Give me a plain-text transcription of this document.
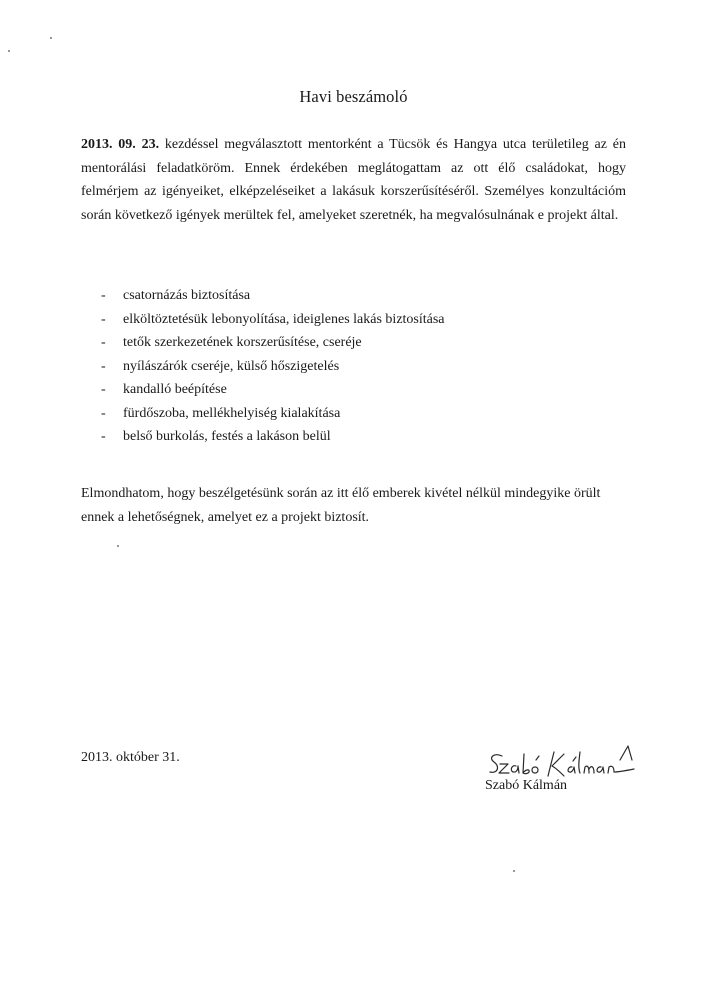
Havi beszámoló

2013. 09. 23. kezdéssel megválasztott mentorként a Tücsök és Hangya utca területileg az én mentorálási feladatköröm. Ennek érdekében meglátogattam az ott élő családokat, hogy felmérjem az igényeiket, elképzeléseiket a lakásuk korszerűsítéséről. Személyes konzultációm során következő igények merültek fel, amelyeket szeretnék, ha megvalósulnának e projekt által.

- csatornázás biztosítása
- elköltöztetésük lebonyolítása, ideiglenes lakás biztosítása
- tetők szerkezetének korszerűsítése, cseréje
- nyílászárók cseréje, külső hőszigetelés
- kandalló beépítése
- fürdőszoba, mellékhelyiség kialakítása
- belső burkolás, festés a lakáson belül

Elmondhatom, hogy beszélgetésünk során az itt élő emberek kivétel nélkül mindegyike örült ennek a lehetőségnek, amelyet ez a projekt biztosít.

2013. október 31.
Szabó Kálmán
